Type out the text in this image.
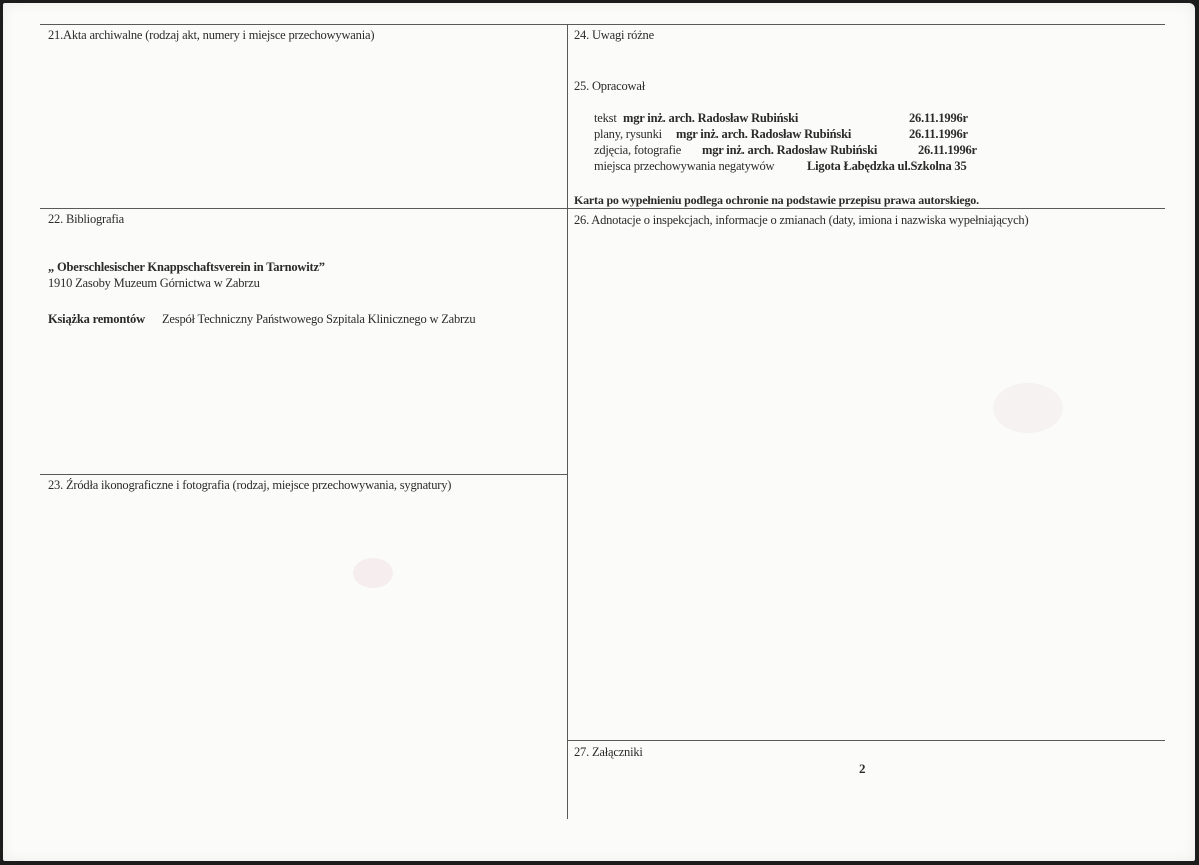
21.Akta archiwalne (rodzaj akt, numery i miejsce przechowywania)	24. Uwagi różne
25. Opracował
tekst mgr inż. arch. Radosław Rubiński	26.11.1996r
plany, rysunki mgr inż. arch. Radosław Rubiński	26.11.1996r
zdjęcia, fotografie mgr inż. arch. Radosław Rubiński	26.11.1996r
miejsca przechowywania negatywów	Ligota Łabędzka ul.Szkolna 35
Karta po wypełnieniu podlega ochronie na podstawie przepisu prawa autorskiego.
22. Bibliografia
„ Oberschlesischer Knappschaftsverein in Tarnowitz”
1910 Zasoby Muzeum Górnictwa w Zabrzu
Książka remontów Zespół Techniczny Państwowego Szpitala Klinicznego w Zabrzu
26. Adnotacje o inspekcjach, informacje o zmianach (daty, imiona i nazwiska wypełniających)
23. Źródła ikonograficzne i fotografia (rodzaj, miejsce przechowywania, sygnatury)
27. Załączniki
2
